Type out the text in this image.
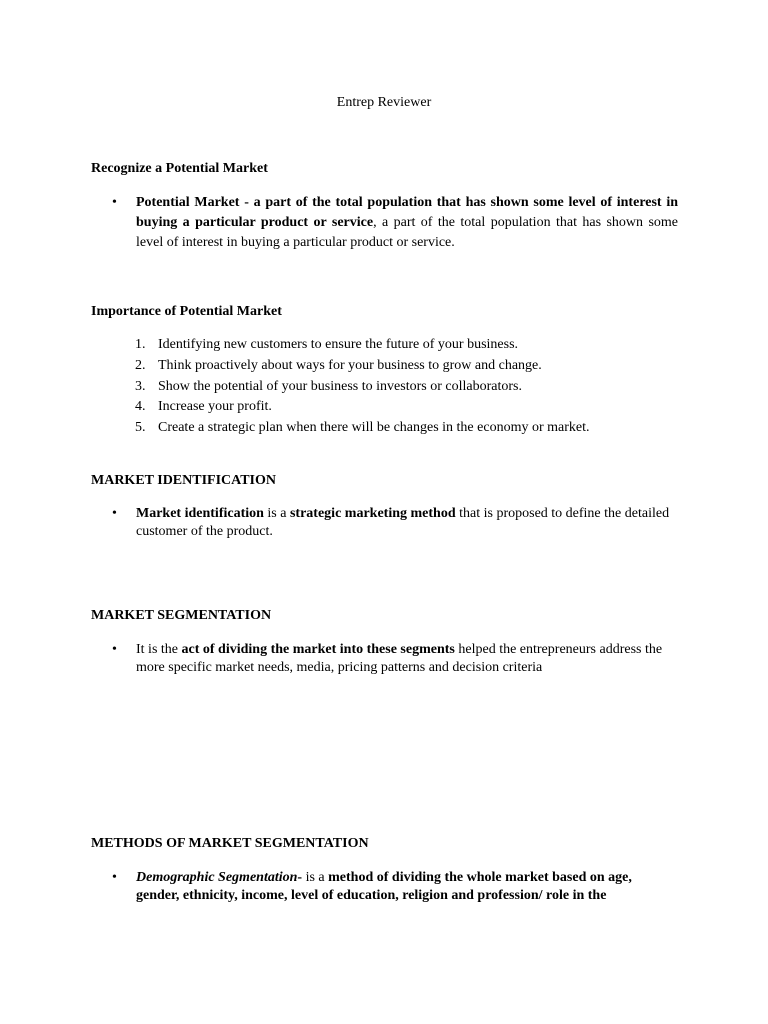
Entrep Reviewer
Recognize a Potential Market
• Potential Market - a part of the total population that has shown some level of interest in buying a particular product or service, a part of the total population that has shown some level of interest in buying a particular product or service.
Importance of Potential Market
1. Identifying new customers to ensure the future of your business.
2. Think proactively about ways for your business to grow and change.
3. Show the potential of your business to investors or collaborators.
4. Increase your profit.
5. Create a strategic plan when there will be changes in the economy or market.
MARKET IDENTIFICATION
• Market identification is a strategic marketing method that is proposed to define the detailed customer of the product.
MARKET SEGMENTATION
• It is the act of dividing the market into these segments helped the entrepreneurs address the more specific market needs, media, pricing patterns and decision criteria
METHODS OF MARKET SEGMENTATION
• Demographic Segmentation- is a method of dividing the whole market based on age, gender, ethnicity, income, level of education, religion and profession/ role in the
